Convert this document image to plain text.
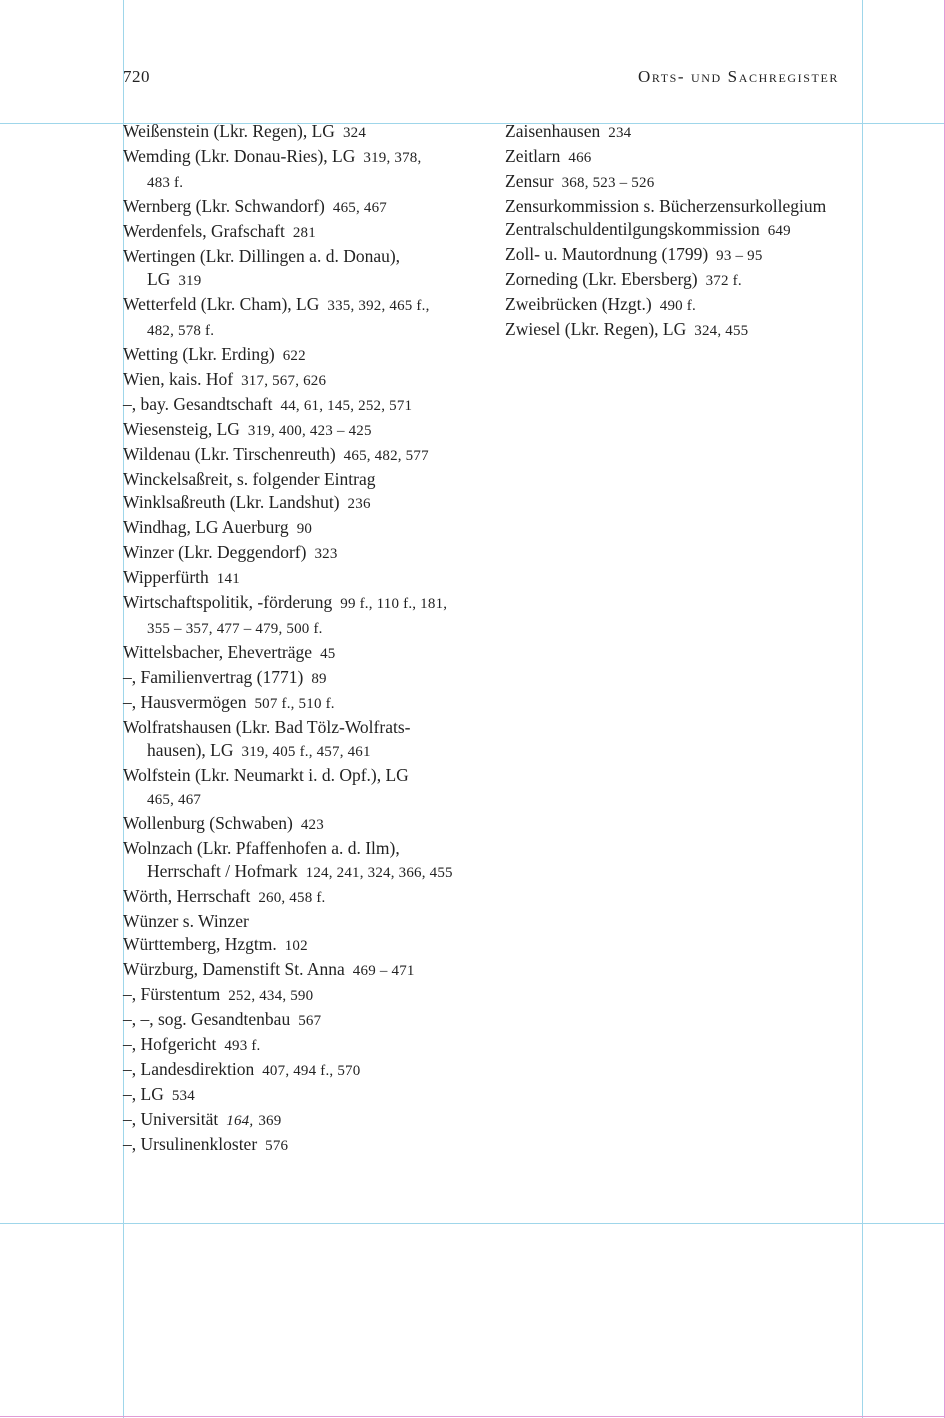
720	Orts- und Sachregister
Weißenstein (Lkr. Regen), LG 324
Wemding (Lkr. Donau-Ries), LG 319, 378,
483 f.
Wernberg (Lkr. Schwandorf) 465, 467
Werdenfels, Grafschaft 281
Wertingen (Lkr. Dillingen a. d. Donau),
LG 319
Wetterfeld (Lkr. Cham), LG 335, 392, 465 f.,
482, 578 f.
Wetting (Lkr. Erding) 622
Wien, kais. Hof 317, 567, 626
–, bay. Gesandtschaft 44, 61, 145, 252, 571
Wiesensteig, LG 319, 400, 423 – 425
Wildenau (Lkr. Tirschenreuth) 465, 482, 577
Winckelsaßreit, s. folgender Eintrag
Winklsaßreuth (Lkr. Landshut) 236
Windhag, LG Auerburg 90
Winzer (Lkr. Deggendorf) 323
Wipperfürth 141
Wirtschaftspolitik, -förderung 99 f., 110 f., 181,
355 – 357, 477 – 479, 500 f.
Wittelsbacher, Eheverträge 45
–, Familienvertrag (1771) 89
–, Hausvermögen 507 f., 510 f.
Wolfratshausen (Lkr. Bad Tölz-Wolfrats-
hausen), LG 319, 405 f., 457, 461
Wolfstein (Lkr. Neumarkt i. d. Opf.), LG
465, 467
Wollenburg (Schwaben) 423
Wolnzach (Lkr. Pfaffenhofen a. d. Ilm),
Herrschaft / Hofmark 124, 241, 324, 366, 455
Wörth, Herrschaft 260, 458 f.
Wünzer s. Winzer
Württemberg, Hzgtm. 102
Würzburg, Damenstift St. Anna 469 – 471
–, Fürstentum 252, 434, 590
–, –, sog. Gesandtenbau 567
–, Hofgericht 493 f.
–, Landesdirektion 407, 494 f., 570
–, LG 534
–, Universität 164, 369
–, Ursulinenkloster 576
Zaisenhausen 234
Zeitlarn 466
Zensur 368, 523 – 526
Zensurkommission s. Bücherzensurkollegium
Zentralschuldentilgungskommission 649
Zoll- u. Mautordnung (1799) 93 – 95
Zorneding (Lkr. Ebersberg) 372 f.
Zweibrücken (Hzgt.) 490 f.
Zwiesel (Lkr. Regen), LG 324, 455
